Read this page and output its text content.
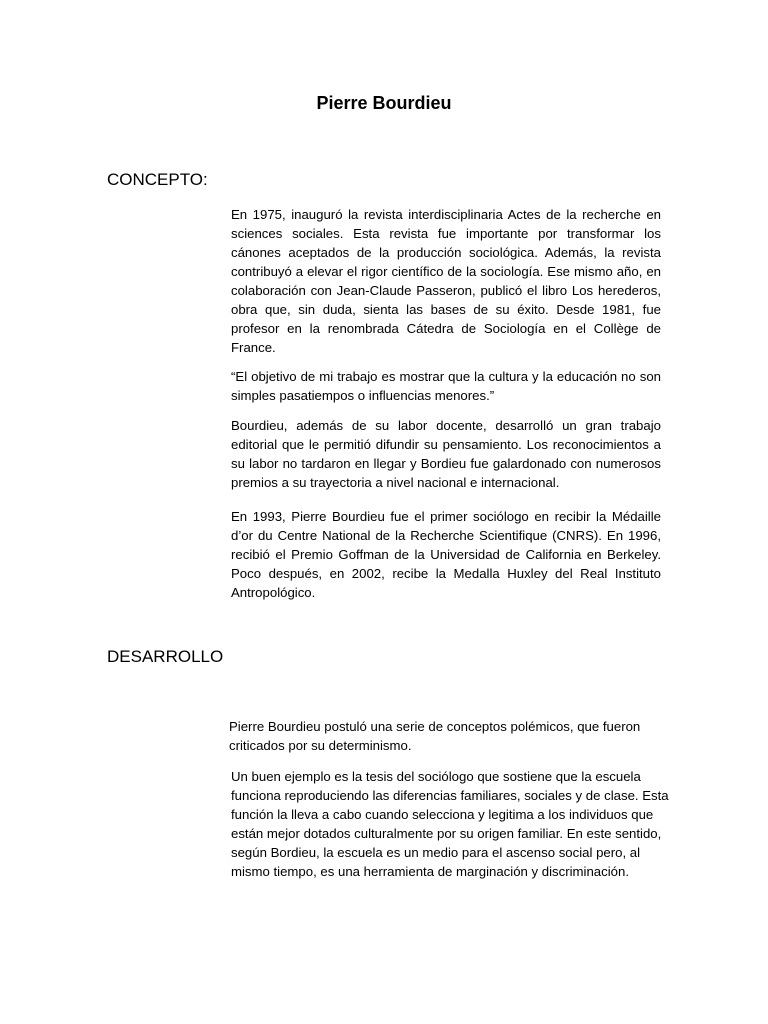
Pierre Bourdieu
CONCEPTO:

En 1975, inauguró la revista interdisciplinaria Actes de la recherche en sciences sociales. Esta revista fue importante por transformar los cánones aceptados de la producción sociológica. Además, la revista contribuyó a elevar el rigor científico de la sociología. Ese mismo año, en colaboración con Jean-Claude Passeron, publicó el libro Los herederos, obra que, sin duda, sienta las bases de su éxito. Desde 1981, fue profesor en la renombrada Cátedra de Sociología en el Collège de France.

“El objetivo de mi trabajo es mostrar que la cultura y la educación no son simples pasatiempos o influencias menores.”

Bourdieu, además de su labor docente, desarrolló un gran trabajo editorial que le permitió difundir su pensamiento. Los reconocimientos a su labor no tardaron en llegar y Bordieu fue galardonado con numerosos premios a su trayectoria a nivel nacional e internacional.

En 1993, Pierre Bourdieu fue el primer sociólogo en recibir la Médaille d’or du Centre National de la Recherche Scientifique (CNRS). En 1996, recibió el Premio Goffman de la Universidad de California en Berkeley. Poco después, en 2002, recibe la Medalla Huxley del Real Instituto Antropológico.

DESARROLLO

Pierre Bourdieu postuló una serie de conceptos polémicos, que fueron criticados por su determinismo.

Un buen ejemplo es la tesis del sociólogo que sostiene que la escuela funciona reproduciendo las diferencias familiares, sociales y de clase. Esta función la lleva a cabo cuando selecciona y legitima a los individuos que están mejor dotados culturalmente por su origen familiar. En este sentido, según Bordieu, la escuela es un medio para el ascenso social pero, al mismo tiempo, es una herramienta de marginación y discriminación.
